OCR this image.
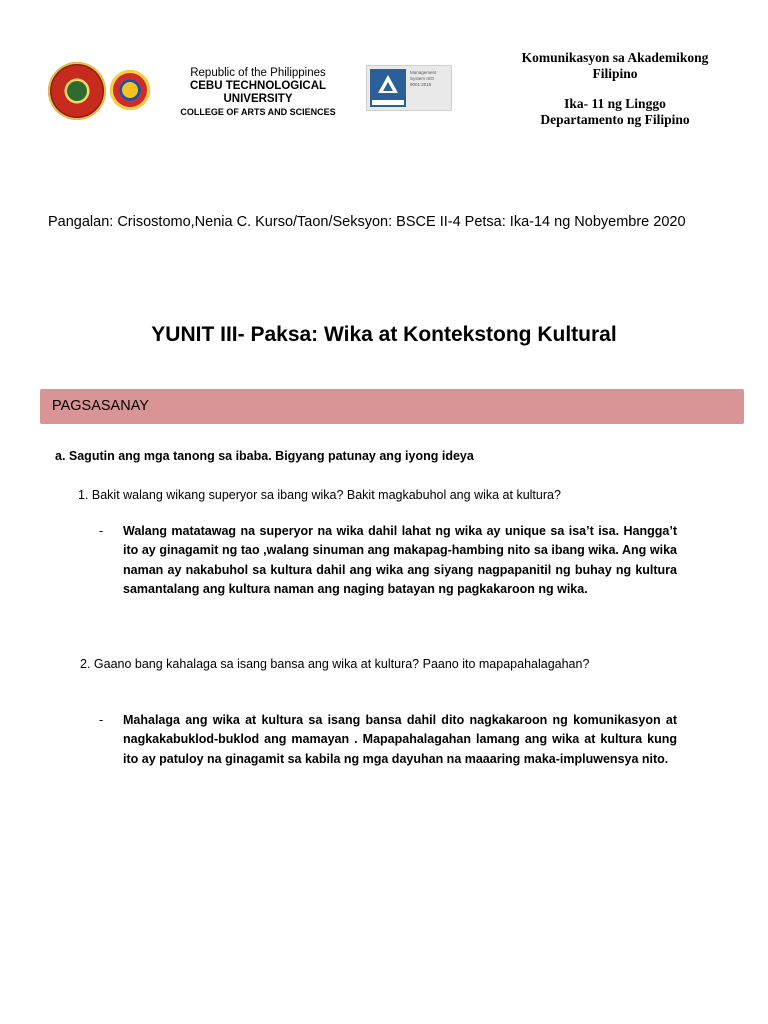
Republic of the Philippines
CEBU TECHNOLOGICAL UNIVERSITY
COLLEGE OF ARTS AND SCIENCES
Management System ISO 9001:2015
Komunikasyon sa Akademikong
Filipino
Ika- 11 ng Linggo
Departamento ng Filipino
Pangalan: Crisostomo,Nenia C. Kurso/Taon/Seksyon: BSCE II-4 Petsa: Ika-14 ng Nobyembre 2020
YUNIT III- Paksa: Wika at Kontekstong Kultural
PAGSASANAY
a. Sagutin ang mga tanong sa ibaba. Bigyang patunay ang iyong ideya
1. Bakit walang wikang superyor sa ibang wika? Bakit magkabuhol ang wika at kultura?
- Walang matatawag na superyor na wika dahil lahat ng wika ay unique sa isa’t isa. Hangga’t ito ay ginagamit ng tao ,walang sinuman ang makapag-hambing nito sa ibang wika. Ang wika naman ay nakabuhol sa kultura dahil ang wika ang siyang nagpapanitil ng buhay ng kultura samantalang ang kultura naman ang naging batayan ng pagkakaroon ng wika.
2. Gaano bang kahalaga sa isang bansa ang wika at kultura? Paano ito mapapahalagahan?
- Mahalaga ang wika at kultura sa isang bansa dahil dito nagkakaroon ng komunikasyon at nagkakabuklod-buklod ang mamayan . Mapapahalagahan lamang ang wika at kultura kung ito ay patuloy na ginagamit sa kabila ng mga dayuhan na maaaring maka-impluwensya nito.
